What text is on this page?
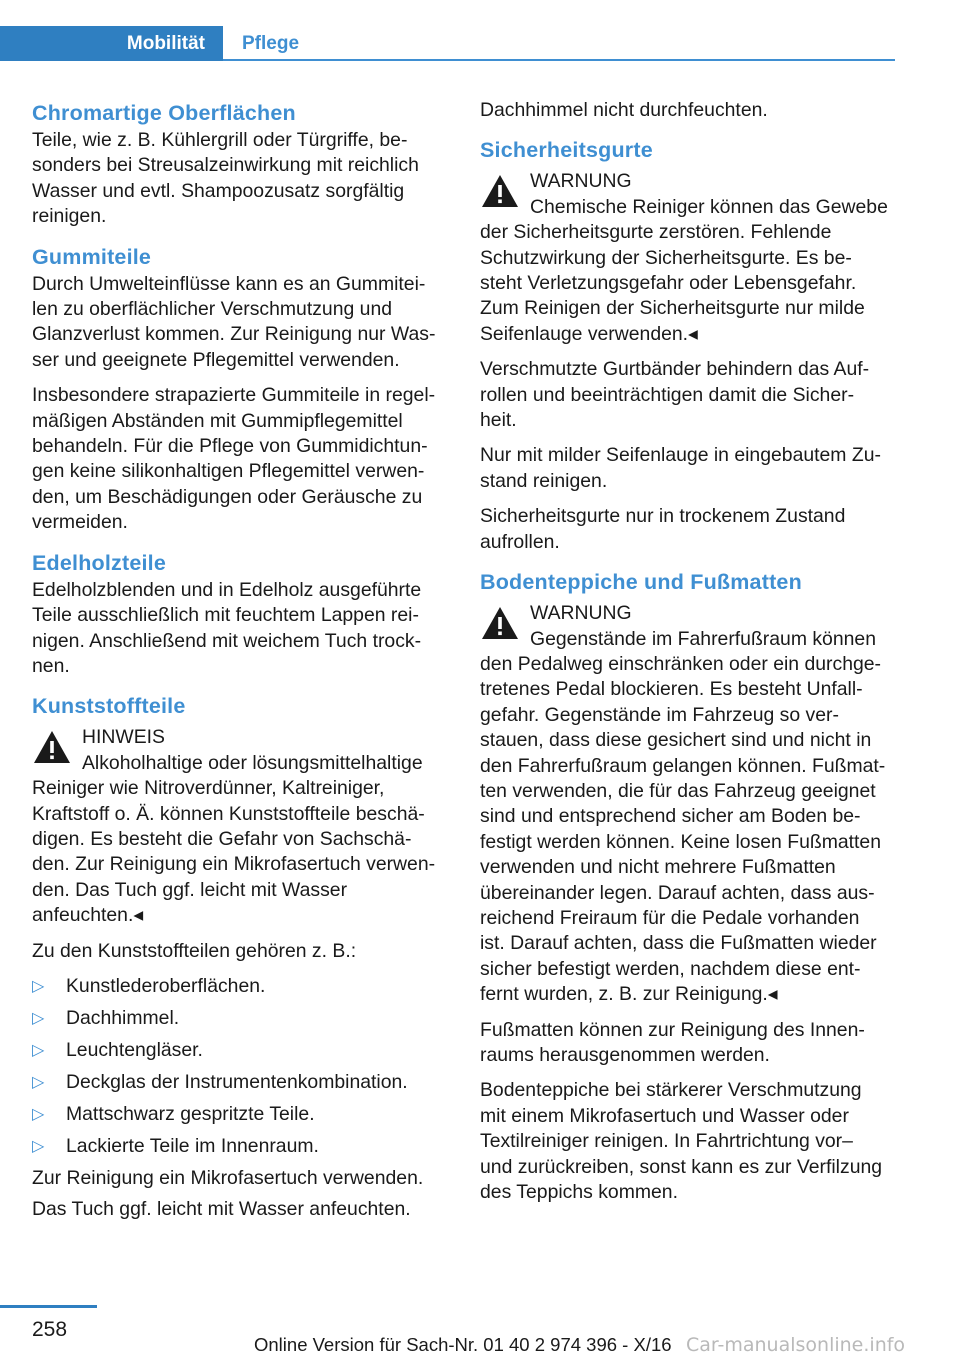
Mobilität	Pflege
Chromartige Oberflächen

Teile, wie z. B. Kühlergrill oder Türgriffe, be-
sonders bei Streusalzeinwirkung mit reichlich
Wasser und evtl. Shampoozusatz sorgfältig
reinigen.

Gummiteile

Durch Umwelteinflüsse kann es an Gummitei-
len zu oberflächlicher Verschmutzung und
Glanzverlust kommen. Zur Reinigung nur Was-
ser und geeignete Pflegemittel verwenden.

Insbesondere strapazierte Gummiteile in regel-
mäßigen Abständen mit Gummipflegemittel
behandeln. Für die Pflege von Gummidichtun-
gen keine silikonhaltigen Pflegemittel verwen-
den, um Beschädigungen oder Geräusche zu
vermeiden.

Edelholzteile

Edelholzblenden und in Edelholz ausgeführte
Teile ausschließlich mit feuchtem Lappen rei-
nigen. Anschließend mit weichem Tuch trock-
nen.

Kunststoffteile
HINWEIS
Alkoholhaltige oder lösungsmittelhaltige
Reiniger wie Nitroverdünner, Kaltreiniger,
Kraftstoff o. Ä. können Kunststoffteile beschä-
digen. Es besteht die Gefahr von Sachschä-
den. Zur Reinigung ein Mikrofasertuch verwen-
den. Das Tuch ggf. leicht mit Wasser
anfeuchten.◂

Zu den Kunststoffteilen gehören z. B.:

▷ Kunstlederoberflächen.
▷ Dachhimmel.
▷ Leuchtengläser.
▷ Deckglas der Instrumentenkombination.
▷ Mattschwarz gespritzte Teile.
▷ Lackierte Teile im Innenraum.

Zur Reinigung ein Mikrofasertuch verwenden.

Das Tuch ggf. leicht mit Wasser anfeuchten.

Dachhimmel nicht durchfeuchten.

Sicherheitsgurte
WARNUNG
Chemische Reiniger können das Gewebe
der Sicherheitsgurte zerstören. Fehlende
Schutzwirkung der Sicherheitsgurte. Es be-
steht Verletzungsgefahr oder Lebensgefahr.
Zum Reinigen der Sicherheitsgurte nur milde
Seifenlauge verwenden.◂

Verschmutzte Gurtbänder behindern das Auf-
rollen und beeinträchtigen damit die Sicher-
heit.

Nur mit milder Seifenlauge in eingebautem Zu-
stand reinigen.

Sicherheitsgurte nur in trockenem Zustand
aufrollen.

Bodenteppiche und Fußmatten
WARNUNG
Gegenstände im Fahrerfußraum können
den Pedalweg einschränken oder ein durchge-
tretenes Pedal blockieren. Es besteht Unfall-
gefahr. Gegenstände im Fahrzeug so ver-
stauen, dass diese gesichert sind und nicht in
den Fahrerfußraum gelangen können. Fußmat-
ten verwenden, die für das Fahrzeug geeignet
sind und entsprechend sicher am Boden be-
festigt werden können. Keine losen Fußmatten
verwenden und nicht mehrere Fußmatten
übereinander legen. Darauf achten, dass aus-
reichend Freiraum für die Pedale vorhanden
ist. Darauf achten, dass die Fußmatten wieder
sicher befestigt werden, nachdem diese ent-
fernt wurden, z. B. zur Reinigung.◂

Fußmatten können zur Reinigung des Innen-
raums herausgenommen werden.

Bodenteppiche bei stärkerer Verschmutzung
mit einem Mikrofasertuch und Wasser oder
Textilreiniger reinigen. In Fahrtrichtung vor–
und zurückreiben, sonst kann es zur Verfilzung
des Teppichs kommen.

258
Online Version für Sach-Nr. 01 40 2 974 396 - X/16 Car-manualsonline.info
